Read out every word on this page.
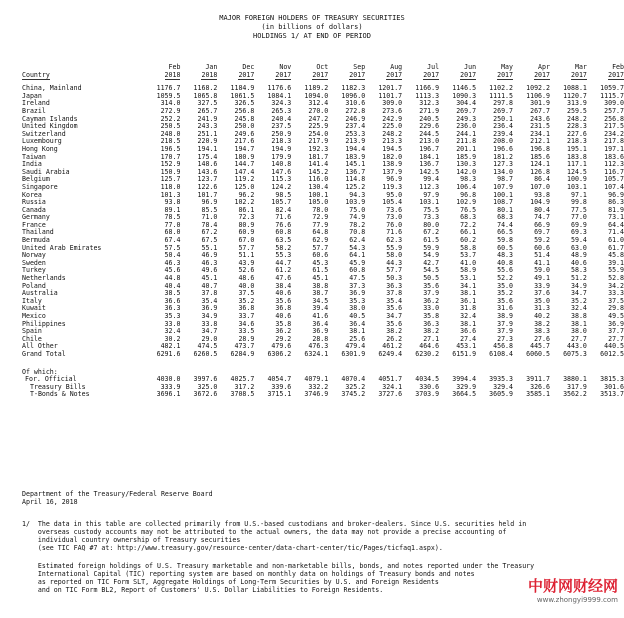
MAJOR FOREIGN HOLDERS OF TREASURY SECURITIES
(in billions of dollars)
HOLDINGS 1/ AT END OF PERIOD
	Feb	Jan	Dec	Nov	Oct	Sep	Aug	Jul	Jun	May	Apr	Mar	Feb
Country	2018	2018	2017	2017	2017	2017	2017	2017	2017	2017	2017	2017	2017

China, Mainland	1176.7	1168.2	1184.9	1176.6	1189.2	1182.3	1201.7	1166.9	1146.5	1102.2	1092.2	1088.1	1059.7
Japan	1059.5	1065.8	1061.5	1084.1	1094.0	1096.0	1101.7	1113.3	1090.3	1111.5	1106.9	1120.7	1115.7
Ireland	314.0	327.5	326.5	324.3	312.4	310.6	309.0	312.3	304.4	297.8	301.9	313.9	309.0
Brazil	272.9	265.7	256.8	265.3	270.0	272.8	273.6	271.9	269.7	269.7	267.7	259.5	257.7
Cayman Islands	252.2	241.9	245.8	240.4	247.2	246.9	242.9	240.5	249.3	250.1	243.6	248.2	256.8
United Kingdom	250.5	243.3	250.0	237.5	225.9	237.4	225.0	229.6	236.0	236.4	231.5	228.3	217.5
Switzerland	248.0	251.1	249.6	250.9	254.0	253.3	248.2	244.5	244.1	239.4	234.1	227.6	234.2
Luxembourg	218.5	220.9	217.6	218.3	217.9	213.9	213.3	213.0	211.8	208.0	212.1	218.3	217.8
Hong Kong	196.5	194.1	194.7	194.9	192.3	194.4	194.5	196.7	201.1	196.6	196.8	195.1	197.1
Taiwan	170.7	175.4	180.9	179.9	181.7	183.9	182.0	184.1	185.9	181.2	185.6	183.8	183.6
India	152.9	148.6	144.7	140.8	141.4	145.1	138.9	136.7	130.3	127.3	124.1	117.1	112.3
Saudi Arabia	150.9	143.6	147.4	147.6	145.2	136.7	137.9	142.5	142.0	134.0	126.8	124.5	116.7
Belgium	125.7	123.7	119.2	115.3	116.0	114.8	96.9	99.4	98.3	98.7	86.4	100.9	105.7
Singapore	118.0	122.6	125.0	124.2	130.4	125.2	119.3	112.3	106.4	107.9	107.0	103.1	107.4
Korea	101.3	101.7	96.2	98.5	100.1	94.3	95.0	97.9	96.8	100.1	93.8	97.1	96.9
Russia	93.8	96.9	102.2	105.7	105.0	103.9	105.4	103.1	102.9	108.7	104.9	99.8	86.3
Canada	89.1	85.5	86.1	82.4	78.0	75.0	73.6	75.5	76.5	80.1	80.4	77.5	81.9
Germany	78.5	71.0	72.3	71.6	72.9	74.9	73.0	73.3	68.3	68.3	74.7	77.0	73.1
France	77.0	78.4	80.9	76.6	77.9	78.2	76.0	80.0	72.2	74.4	66.9	69.9	64.4
Thailand	68.0	67.2	60.9	60.8	64.8	70.8	71.6	67.2	66.1	66.5	69.7	69.3	71.4
Bermuda	67.4	67.5	67.0	63.5	62.9	62.4	62.3	61.5	60.2	59.8	59.2	59.4	61.0
United Arab Emirates	57.5	55.1	57.7	58.2	57.7	54.3	55.9	59.9	58.8	60.5	60.6	63.0	61.7
Norway	50.4	46.9	51.1	55.3	60.6	64.1	58.0	54.9	53.7	48.3	51.4	48.9	45.8
Sweden	46.3	46.3	43.9	44.7	45.3	45.9	44.3	42.7	41.0	40.8	41.1	40.6	39.1
Turkey	45.6	49.6	52.6	61.2	61.5	60.8	57.7	54.5	58.9	55.6	59.0	58.3	55.9
Netherlands	44.8	45.1	48.6	47.6	45.1	47.5	50.3	50.5	53.1	52.2	49.1	51.2	52.8
Poland	40.4	40.7	40.0	38.4	38.8	37.3	36.3	35.6	34.1	35.0	33.9	34.9	34.2
Australia	38.5	37.8	37.5	40.6	38.7	36.9	37.8	37.9	38.1	35.2	37.6	34.7	33.3
Italy	36.6	35.4	35.2	35.6	34.5	35.3	35.4	36.2	36.1	35.6	35.0	35.2	37.5
Kuwait	36.3	36.9	36.8	36.8	39.4	38.0	35.6	33.0	31.8	31.6	31.3	32.4	29.8
Mexico	35.3	34.9	33.7	40.6	41.6	40.5	34.7	35.8	32.4	38.9	40.2	38.8	49.5
Philippines	33.0	33.8	34.6	35.8	36.4	36.4	35.6	36.3	38.1	37.9	38.2	38.1	36.9
Spain	32.4	34.7	33.5	36.2	36.9	38.1	38.2	38.2	36.6	37.9	38.3	38.0	37.7
Chile	30.2	29.0	28.9	29.2	28.8	25.6	26.2	27.1	27.4	27.3	27.6	27.7	27.7
All Other	482.1	474.5	473.7	479.6	476.3	479.4	461.2	464.6	453.1	456.8	445.7	443.0	440.5
Grand Total	6291.6	6260.5	6284.9	6306.2	6324.1	6301.9	6249.4	6230.2	6151.9	6108.4	6060.5	6075.3	6012.5

Of which:													
For. Official	4030.0	3997.6	4025.7	4054.7	4079.1	4070.4	4051.7	4034.5	3994.4	3935.3	3911.7	3880.1	3815.3
Treasury Bills	333.9	325.0	317.2	339.6	332.2	325.2	324.1	330.6	329.9	329.4	326.6	317.9	301.6
T-Bonds & Notes	3696.1	3672.6	3708.5	3715.1	3746.9	3745.2	3727.6	3703.9	3664.5	3605.9	3585.1	3562.2	3513.7
Department of the Treasury/Federal Reserve Board
April 16, 2018
1/  The data in this table are collected primarily from U.S.-based custodians and broker-dealers. Since U.S. securities held in
overseas custody accounts may not be attributed to the actual owners, the data may not provide a precise accounting of
individual country ownership of Treasury securities
(see TIC FAQ #7 at: http://www.treasury.gov/resource-center/data-chart-center/tic/Pages/ticfaq1.aspx).
Estimated foreign holdings of U.S. Treasury marketable and non-marketable bills, bonds, and notes reported under the Treasury
International Capital (TIC) reporting system are based on monthly data on holdings of Treasury bonds and notes
as reported on TIC Form SLT, Aggregate Holdings of Long-Term Securities by U.S. and Foreign Residents
and on TIC Form BL2, Report of Customers' U.S. Dollar Liabilities to Foreign Residents.	中财网财经网
www.zhongyi9999.com
